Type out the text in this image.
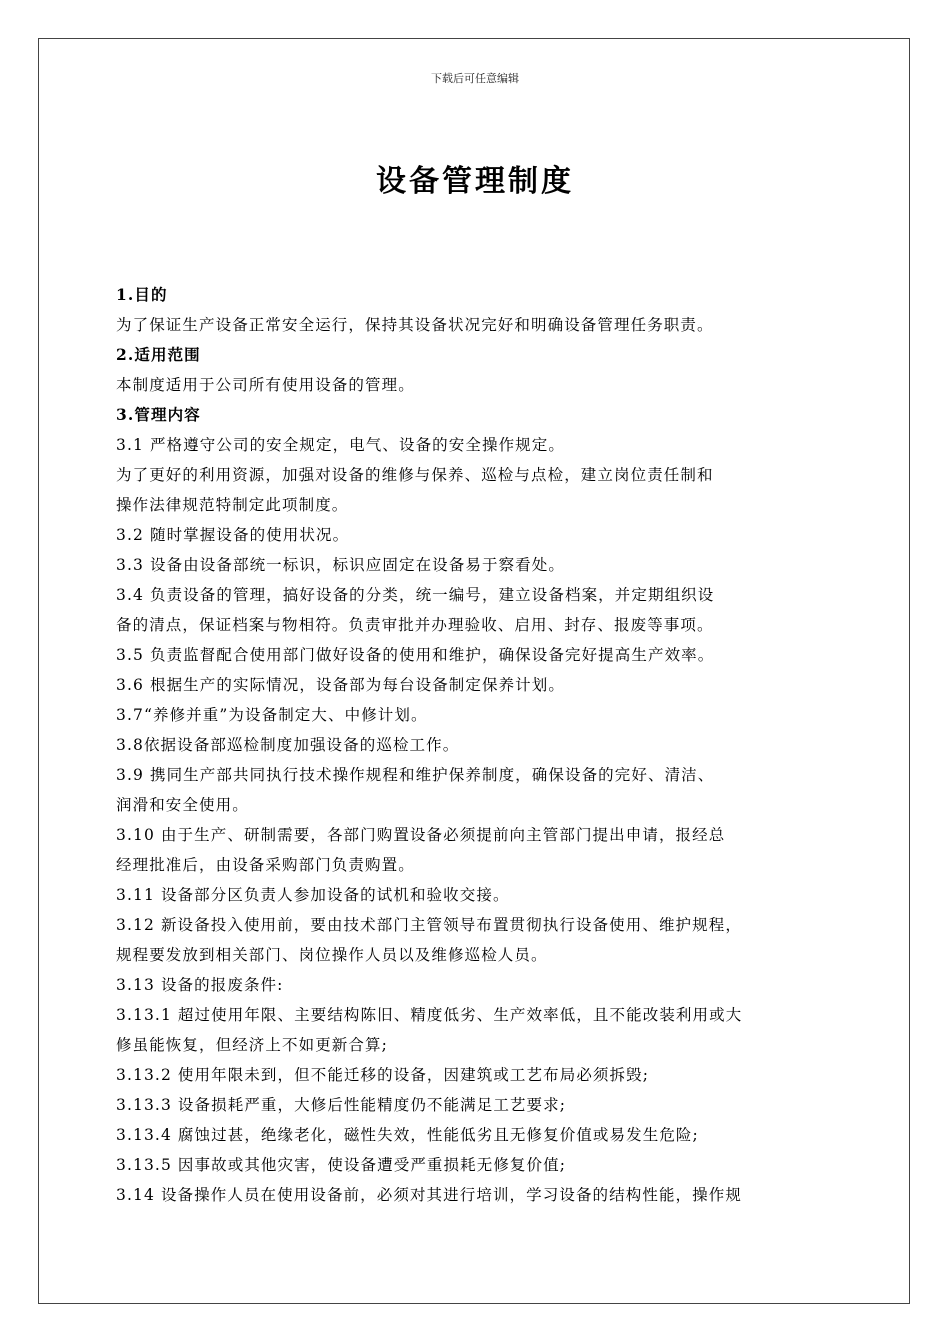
下载后可任意编辑
设备管理制度
1.目的
为了保证生产设备正常安全运行，保持其设备状况完好和明确设备管理任务职责。
2.适用范围
本制度适用于公司所有使用设备的管理。
3.管理内容
3.1 严格遵守公司的安全规定，电气、设备的安全操作规定。
为了更好的利用资源，加强对设备的维修与保养、巡检与点检，建立岗位责任制和
操作法律规范特制定此项制度。
3.2 随时掌握设备的使用状况。
3.3 设备由设备部统一标识，标识应固定在设备易于察看处。
3.4 负责设备的管理，搞好设备的分类，统一编号，建立设备档案，并定期组织设
备的清点，保证档案与物相符。负责审批并办理验收、启用、封存、报废等事项。
3.5 负责监督配合使用部门做好设备的使用和维护，确保设备完好提高生产效率。
3.6 根据生产的实际情况，设备部为每台设备制定保养计划。
3.7“养修并重”为设备制定大、中修计划。
3.8依据设备部巡检制度加强设备的巡检工作。
3.9 携同生产部共同执行技术操作规程和维护保养制度，确保设备的完好、清洁、
润滑和安全使用。
3.10 由于生产、研制需要，各部门购置设备必须提前向主管部门提出申请，报经总
经理批准后，由设备采购部门负责购置。
3.11 设备部分区负责人参加设备的试机和验收交接。
3.12 新设备投入使用前，要由技术部门主管领导布置贯彻执行设备使用、维护规程，
规程要发放到相关部门、岗位操作人员以及维修巡检人员。
3.13 设备的报废条件:
3.13.1 超过使用年限、主要结构陈旧、精度低劣、生产效率低，且不能改装利用或大
修虽能恢复，但经济上不如更新合算;
3.13.2 使用年限未到，但不能迁移的设备，因建筑或工艺布局必须拆毁;
3.13.3 设备损耗严重，大修后性能精度仍不能满足工艺要求;
3.13.4 腐蚀过甚，绝缘老化，磁性失效，性能低劣且无修复价值或易发生危险;
3.13.5 因事故或其他灾害，使设备遭受严重损耗无修复价值;
3.14 设备操作人员在使用设备前，必须对其进行培训，学习设备的结构性能，操作规
